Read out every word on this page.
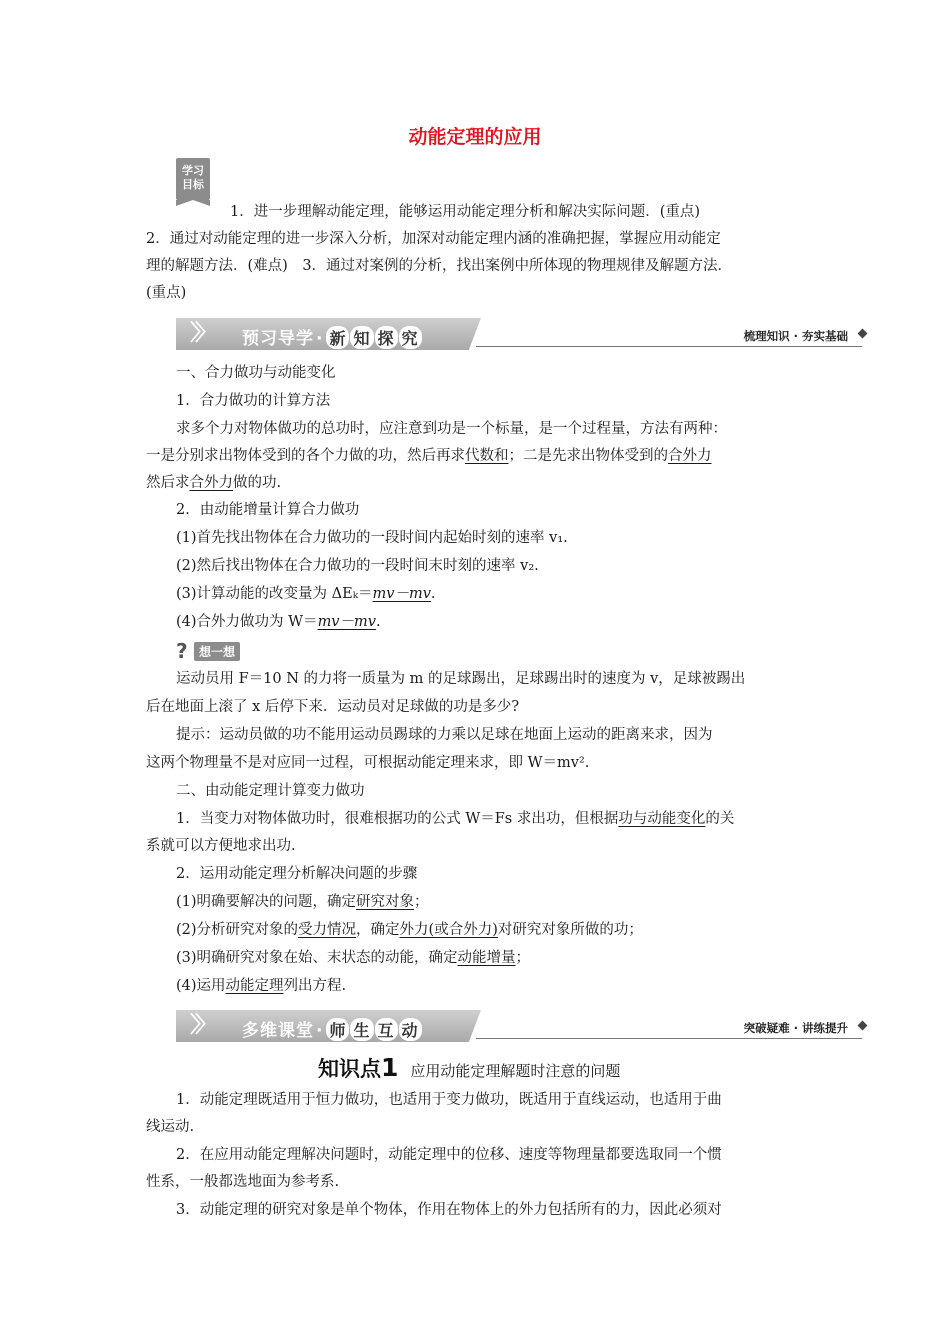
动能定理的应用
学习
目标
1．进一步理解动能定理，能够运用动能定理分析和解决实际问题．(重点)
2．通过对动能定理的进一步深入分析，加深对动能定理内涵的准确把握，掌握应用动能定
理的解题方法．(难点)　3．通过对案例的分析，找出案例中所体现的物理规律及解题方法．
(重点)
〉〉 预习导学 · 新 知 探 究	梳理知识 · 夯实基础
一、合力做功与动能变化
1．合力做功的计算方法
求多个力对物体做功的总功时，应注意到功是一个标量，是一个过程量，方法有两种：
一是分别求出物体受到的各个力做的功，然后再求代数和；二是先求出物体受到的合外力
然后求合外力做的功.
2．由动能增量计算合力做功
(1)首先找出物体在合力做功的一段时间内起始时刻的速率 v₁.
(2)然后找出物体在合力做功的一段时间末时刻的速率 v₂.
(3)计算动能的改变量为 ΔEₖ＝mv－mv.
(4)合外力做功为 W＝mv－mv.
? 想一想
运动员用 F＝10 N 的力将一质量为 m 的足球踢出，足球踢出时的速度为 v，足球被踢出
后在地面上滚了 x 后停下来．运动员对足球做的功是多少?
提示：运动员做的功不能用运动员踢球的力乘以足球在地面上运动的距离来求，因为
这两个物理量不是对应同一过程，可根据动能定理来求，即 W＝mv².
二、由动能定理计算变力做功
1．当变力对物体做功时，很难根据功的公式 W＝Fs 求出功，但根据功与动能变化的关
系就可以方便地求出功.
2．运用动能定理分析解决问题的步骤
(1)明确要解决的问题，确定研究对象；
(2)分析研究对象的受力情况，确定外力(或合外力)对研究对象所做的功；
(3)明确研究对象在始、末状态的动能，确定动能增量；
(4)运用动能定理列出方程.
〉〉 多维课堂 · 师 生 互 动	突破疑难 · 讲练提升
知识点1 应用动能定理解题时注意的问题
1．动能定理既适用于恒力做功，也适用于变力做功，既适用于直线运动，也适用于曲
线运动.
2．在应用动能定理解决问题时，动能定理中的位移、速度等物理量都要选取同一个惯
性系，一般都选地面为参考系.
3．动能定理的研究对象是单个物体，作用在物体上的外力包括所有的力，因此必须对
